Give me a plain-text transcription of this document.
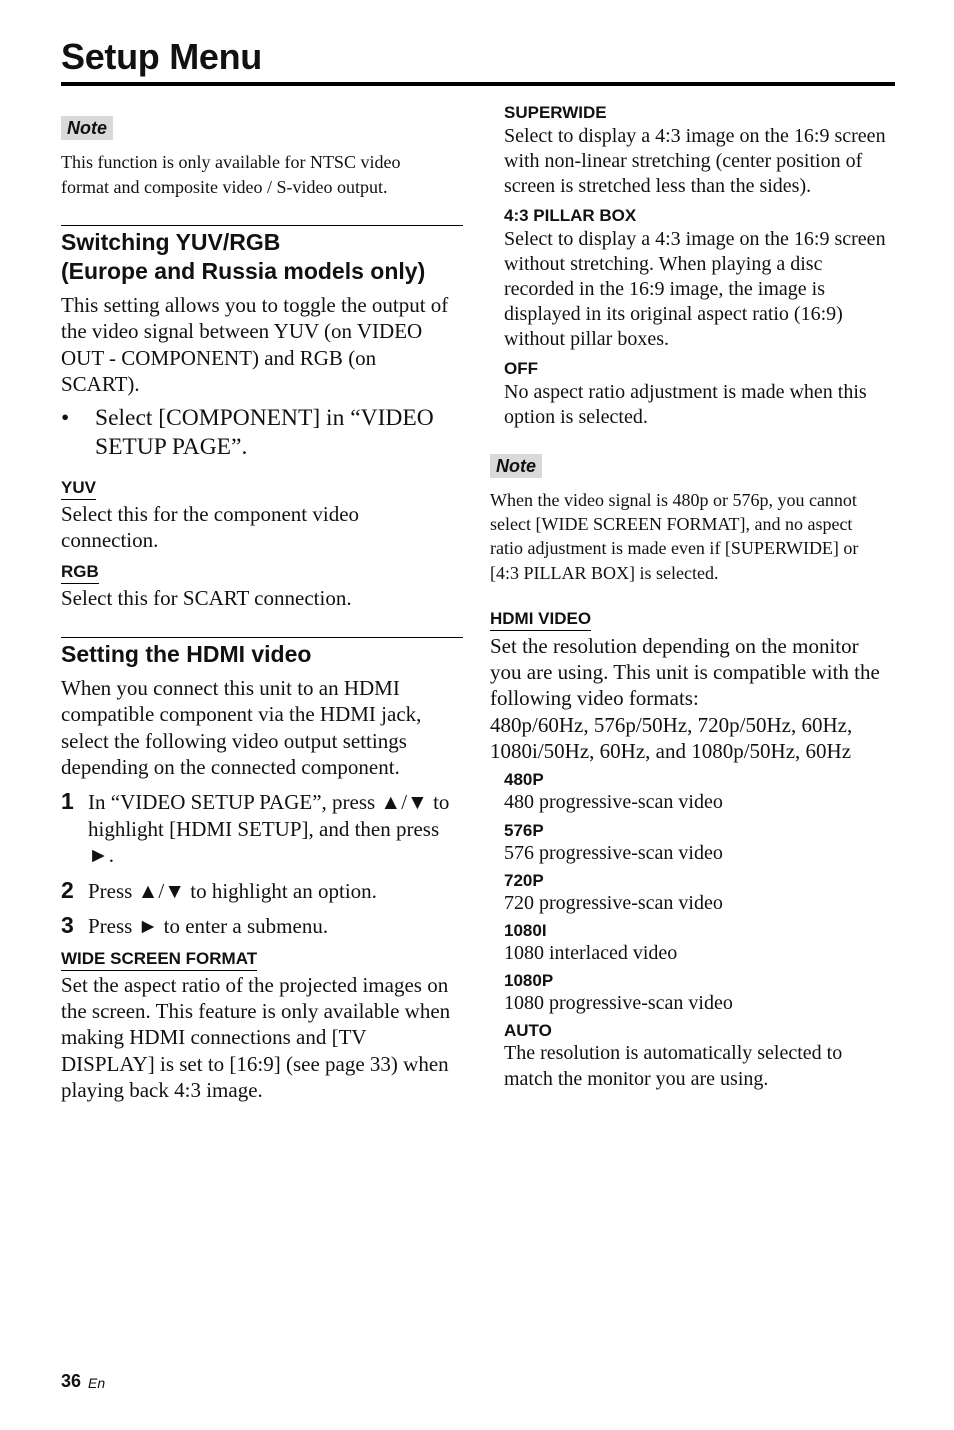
Setup Menu
Note
This function is only available for NTSC video
format and composite video / S-video output.
Switching YUV/RGB
(Europe and Russia models only)
This setting allows you to toggle the output of
the video signal between YUV (on VIDEO
OUT - COMPONENT) and RGB (on
SCART).
•	Select [COMPONENT] in “VIDEO
SETUP PAGE”.
YUV
Select this for the component video
connection.
RGB
Select this for SCART connection.
Setting the HDMI video
When you connect this unit to an HDMI
compatible component via the HDMI jack,
select the following video output settings
depending on the connected component.
1 In “VIDEO SETUP PAGE”, press ▲/▼ to
highlight [HDMI SETUP], and then press
►.
2 Press ▲/▼ to highlight an option.
3 Press ► to enter a submenu.
WIDE SCREEN FORMAT
Set the aspect ratio of the projected images on
the screen. This feature is only available when
making HDMI connections and [TV
DISPLAY] is set to [16:9] (see page 33) when
playing back 4:3 image.
SUPERWIDE
Select to display a 4:3 image on the 16:9 screen
with non-linear stretching (center position of
screen is stretched less than the sides).
4:3 PILLAR BOX
Select to display a 4:3 image on the 16:9 screen
without stretching. When playing a disc
recorded in the 16:9 image, the image is
displayed in its original aspect ratio (16:9)
without pillar boxes.
OFF
No aspect ratio adjustment is made when this
option is selected.
Note
When the video signal is 480p or 576p, you cannot
select [WIDE SCREEN FORMAT], and no aspect
ratio adjustment is made even if [SUPERWIDE] or
[4:3 PILLAR BOX] is selected.
HDMI VIDEO
Set the resolution depending on the monitor
you are using. This unit is compatible with the
following video formats:
480p/60Hz, 576p/50Hz, 720p/50Hz, 60Hz,
1080i/50Hz, 60Hz, and 1080p/50Hz, 60Hz
480P
480 progressive-scan video
576P
576 progressive-scan video
720P
720 progressive-scan video
1080I
1080 interlaced video
1080P
1080 progressive-scan video
AUTO
The resolution is automatically selected to
match the monitor you are using.
36 En
